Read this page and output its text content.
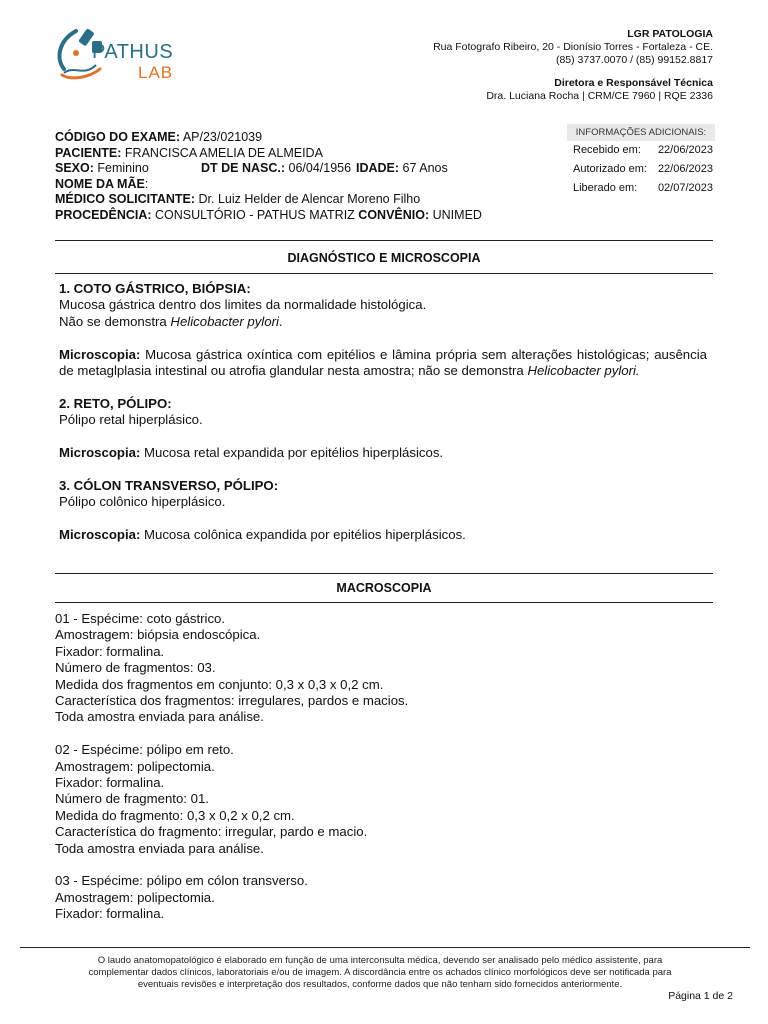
PATHUS
LAB
LGR PATOLOGIA
Rua Fotografo Ribeiro, 20 - Dionísio Torres - Fortaleza - CE.
(85) 3737.0070 / (85) 99152.8817
Diretora e Responsável Técnica
Dra. Luciana Rocha | CRM/CE 7960 | RQE 2336
CÓDIGO DO EXAME: AP/23/021039
PACIENTE: FRANCISCA AMELIA DE ALMEIDA
SEXO: Feminino	DT DE NASC.: 06/04/1956 IDADE: 67 Anos
NOME DA MÃE:
MÉDICO SOLICITANTE: Dr. Luiz Helder de Alencar Moreno Filho
PROCEDÊNCIA: CONSULTÓRIO - PATHUS MATRIZ CONVÊNIO: UNIMED
INFORMAÇÕES ADICIONAIS:
Recebido em: 22/06/2023
Autorizado em: 22/06/2023
Liberado em: 02/07/2023
DIAGNÓSTICO E MICROSCOPIA

1. COTO GÁSTRICO, BIÓPSIA:

Mucosa gástrica dentro dos limites da normalidade histológica.

Não se demonstra Helicobacter pylori.

Microscopia: Mucosa gástrica oxíntica com epitélios e lâmina própria sem alterações histológicas; ausência de metaglplasia intestinal ou atrofia glandular nesta amostra; não se demonstra Helicobacter pylori.

2. RETO, PÓLIPO:

Pólipo retal hiperplásico.

Microscopia: Mucosa retal expandida por epitélios hiperplásicos.

3. CÓLON TRANSVERSO, PÓLIPO:

Pólipo colônico hiperplásico.

Microscopia: Mucosa colônica expandida por epitélios hiperplásicos.

MACROSCOPIA

01 - Espécime: coto gástrico.

Amostragem: biópsia endoscópica.

Fixador: formalina.

Número de fragmentos: 03.

Medida dos fragmentos em conjunto: 0,3 x 0,3 x 0,2 cm.

Característica dos fragmentos: irregulares, pardos e macios.

Toda amostra enviada para análise.

02 - Espécime: pólipo em reto.

Amostragem: polipectomia.

Fixador: formalina.

Número de fragmento: 01.

Medida do fragmento: 0,3 x 0,2 x 0,2 cm.

Característica do fragmento: irregular, pardo e macio.

Toda amostra enviada para análise.

03 - Espécime: pólipo em cólon transverso.

Amostragem: polipectomia.

Fixador: formalina.

O laudo anatomopatológico é elaborado em função de uma interconsulta médica, devendo ser analisado pelo médico assistente, para
complementar dados clínicos, laboratoriais e/ou de imagem. A discordância entre os achados clínico morfológicos deve ser notificada para
eventuais revisões e interpretação dos resultados, conforme dados que não tenham sido fornecidos anteriormente.
Página 1 de 2
